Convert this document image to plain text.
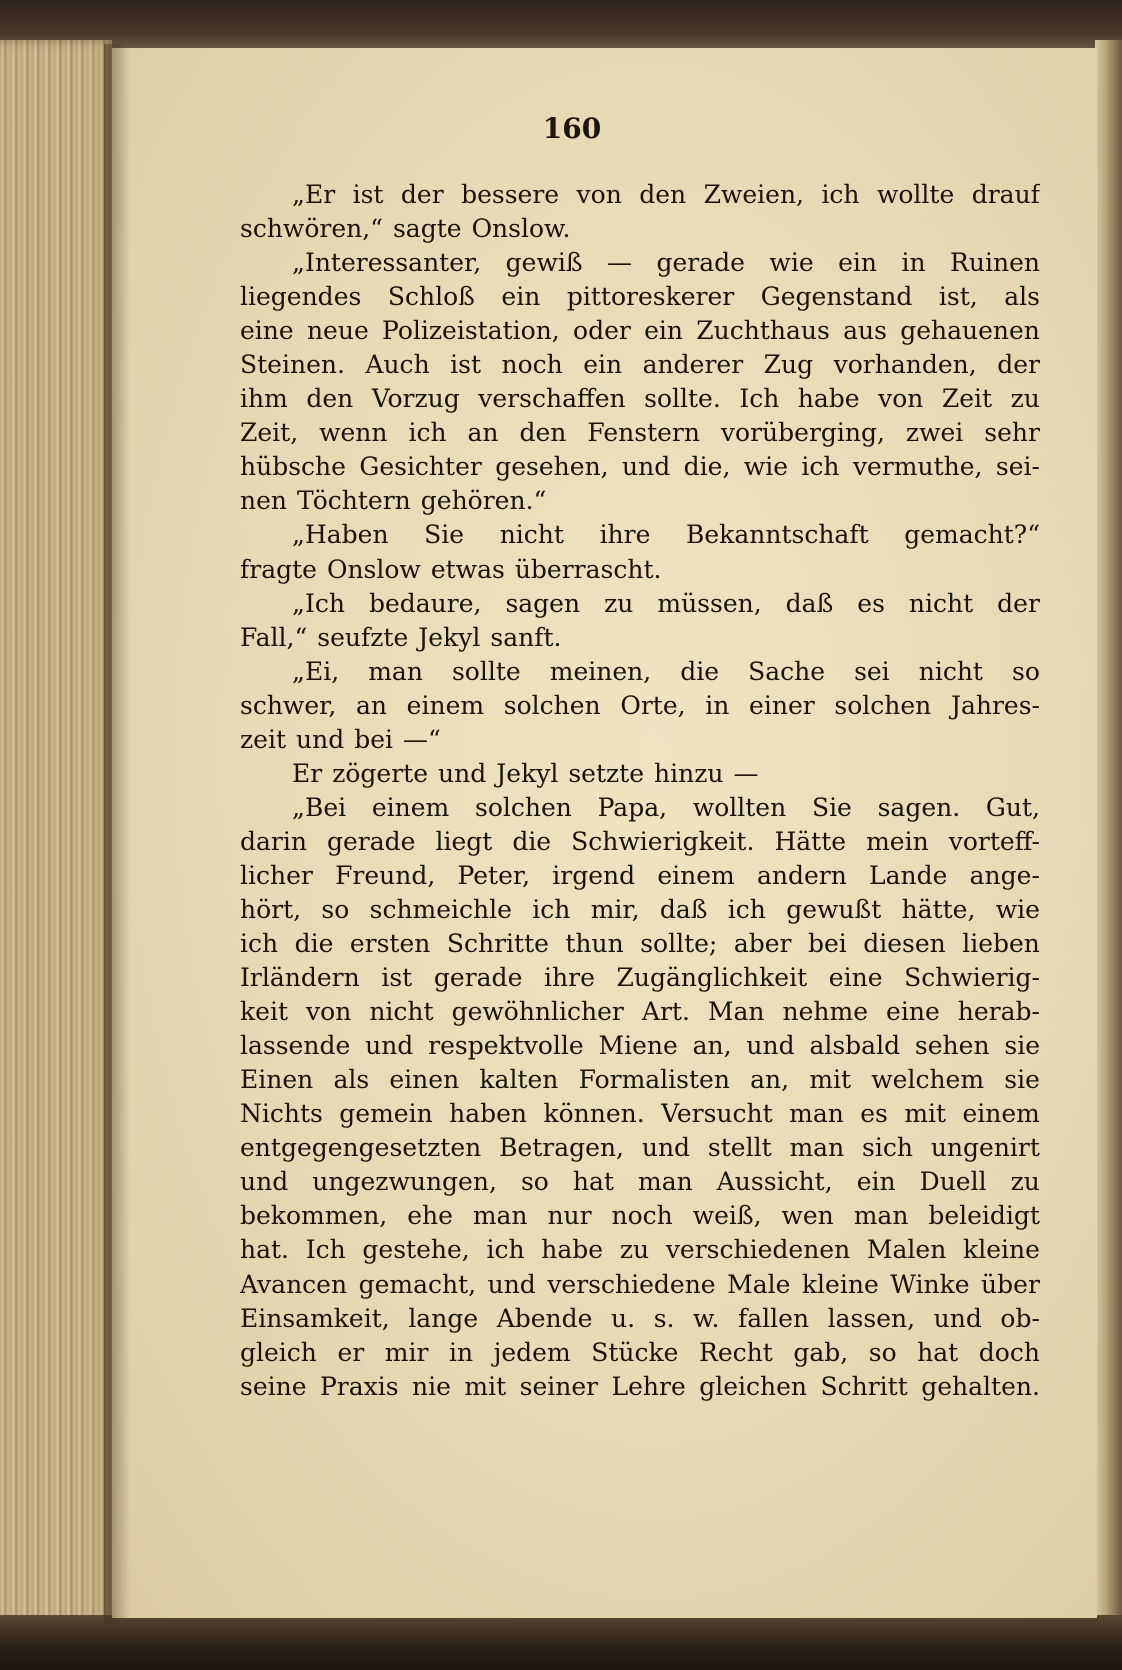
160
„Er ist der bessere von den Zweien, ich wollte drauf
schwören,“ sagte Onslow.
„Interessanter, gewiß — gerade wie ein in Ruinen
liegendes Schloß ein pittoreskerer Gegenstand ist, als
eine neue Polizeistation, oder ein Zuchthaus aus gehauenen
Steinen. Auch ist noch ein anderer Zug vorhanden, der
ihm den Vorzug verschaffen sollte. Ich habe von Zeit zu
Zeit, wenn ich an den Fenstern vorüberging, zwei sehr
hübsche Gesichter gesehen, und die, wie ich vermuthe, sei-
nen Töchtern gehören.“
„Haben Sie nicht ihre Bekanntschaft gemacht?“
fragte Onslow etwas überrascht.
„Ich bedaure, sagen zu müssen, daß es nicht der
Fall,“ seufzte Jekyl sanft.
„Ei, man sollte meinen, die Sache sei nicht so
schwer, an einem solchen Orte, in einer solchen Jahres-
zeit und bei —“
Er zögerte und Jekyl setzte hinzu —
„Bei einem solchen Papa, wollten Sie sagen. Gut,
darin gerade liegt die Schwierigkeit. Hätte mein vorteff-
licher Freund, Peter, irgend einem andern Lande ange-
hört, so schmeichle ich mir, daß ich gewußt hätte, wie
ich die ersten Schritte thun sollte; aber bei diesen lieben
Irländern ist gerade ihre Zugänglichkeit eine Schwierig-
keit von nicht gewöhnlicher Art. Man nehme eine herab-
lassende und respektvolle Miene an, und alsbald sehen sie
Einen als einen kalten Formalisten an, mit welchem sie
Nichts gemein haben können. Versucht man es mit einem
entgegengesetzten Betragen, und stellt man sich ungenirt
und ungezwungen, so hat man Aussicht, ein Duell zu
bekommen, ehe man nur noch weiß, wen man beleidigt
hat. Ich gestehe, ich habe zu verschiedenen Malen kleine
Avancen gemacht, und verschiedene Male kleine Winke über
Einsamkeit, lange Abende u. s. w. fallen lassen, und ob-
gleich er mir in jedem Stücke Recht gab, so hat doch
seine Praxis nie mit seiner Lehre gleichen Schritt gehalten.
